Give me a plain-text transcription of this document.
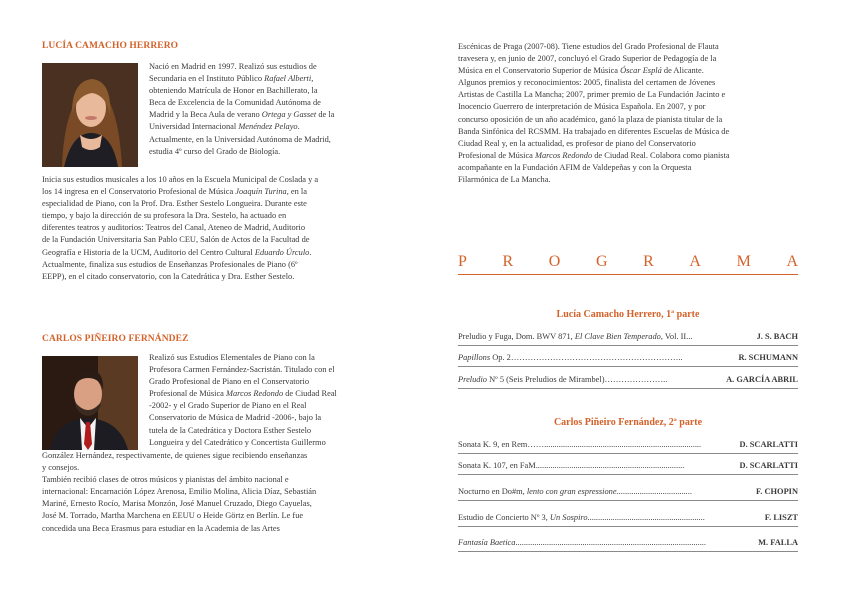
LUCÍA CAMACHO HERRERO
Nació en Madrid en 1997. Realizó sus estudios de
Secundaria en el Instituto Público Rafael Alberti,
obteniendo Matrícula de Honor en Bachillerato, la
Beca de Excelencia de la Comunidad Autónoma de
Madrid y la Beca Aula de verano Ortega y Gasset de la
Universidad Internacional Menéndez Pelayo.
Actualmente, en la Universidad Autónoma de Madrid,
estudia 4º curso del Grado de Biología.
Inicia sus estudios musicales a los 10 años en la Escuela Municipal de Coslada y a
los 14 ingresa en el Conservatorio Profesional de Música Joaquín Turina, en la
especialidad de Piano, con la Prof. Dra. Esther Sestelo Longueira. Durante este
tiempo, y bajo la dirección de su profesora la Dra. Sestelo, ha actuado en
diferentes teatros y auditorios: Teatros del Canal, Ateneo de Madrid, Auditorio
de la Fundación Universitaria San Pablo CEU, Salón de Actos de la Facultad de
Geografía e Historia de la UCM, Auditorio del Centro Cultural Eduardo Úrculo.
Actualmente, finaliza sus estudios de Enseñanzas Profesionales de Piano (6º
EEPP), en el citado conservatorio, con la Catedrática y Dra. Esther Sestelo.
CARLOS PIÑEIRO FERNÁNDEZ
Realizó sus Estudios Elementales de Piano con la
Profesora Carmen Fernández-Sacristán. Titulado con el
Grado Profesional de Piano en el Conservatorio
Profesional de Música Marcos Redondo de Ciudad Real
-2002- y el Grado Superior de Piano en el Real
Conservatorio de Música de Madrid -2006-, bajo la
tutela de la Catedrática y Doctora Esther Sestelo
Longueira y del Catedrático y Concertista Guillermo
González Hernández, respectivamente, de quienes sigue recibiendo enseñanzas
y consejos.
También recibió clases de otros músicos y pianistas del ámbito nacional e
internacional: Encarnación López Arenosa, Emilio Molina, Alicia Díaz, Sebastián
Mariné, Ernesto Rocío, Marisa Monzón, José Manuel Cruzado, Diego Cayuelas,
José M. Torrado, Martha Marchena en EEUU o Heide Görtz en Berlín. Le fue
concedida una Beca Erasmus para estudiar en la Academia de las Artes
Escénicas de Praga (2007-08). Tiene estudios del Grado Profesional de Flauta
travesera y, en junio de 2007, concluyó el Grado Superior de Pedagogía de la
Música en el Conservatorio Superior de Música Óscar Esplá de Alicante.
Algunos premios y reconocimientos: 2005, finalista del certamen de Jóvenes
Artistas de Castilla La Mancha; 2007, primer premio de La Fundación Jacinto e
Inocencio Guerrero de interpretación de Música Española. En 2007, y por
concurso oposición de un año académico, ganó la plaza de pianista titular de la
Banda Sinfónica del RCSMM. Ha trabajado en diferentes Escuelas de Música de
Ciudad Real y, en la actualidad, es profesor de piano del Conservatorio
Profesional de Música Marcos Redondo de Ciudad Real. Colabora como pianista
acompañante en la Fundación AFIM de Valdepeñas y con la Orquesta
Filarmónica de La Mancha.
P R O G R A M A
Lucía Camacho Herrero, 1ª parte
Preludio y Fuga, Dom. BWV 871, El Clave Bien Temperado, Vol. II ...	J. S. BACH
Papillons Op. 2 ……………………………………………………..	R. SCHUMANN
Preludio Nº 5 (Seis Preludios de Mirambel) …………………..	A. GARCÍA ABRIL
Carlos Piñeiro Fernández, 2ª parte
Sonata K. 9, en Rem ……...........................................................................	D. SCARLATTI
Sonata K. 107, en FaM .......................................................................	D. SCARLATTI
Nocturno en Do#m, lento con gran espressione ....................................	F. CHOPIN
Estudio de Concierto Nº 3, Un Sospiro ........................................................	F. LISZT
Fantasía Baetica ...........................................................................................	M. FALLA
